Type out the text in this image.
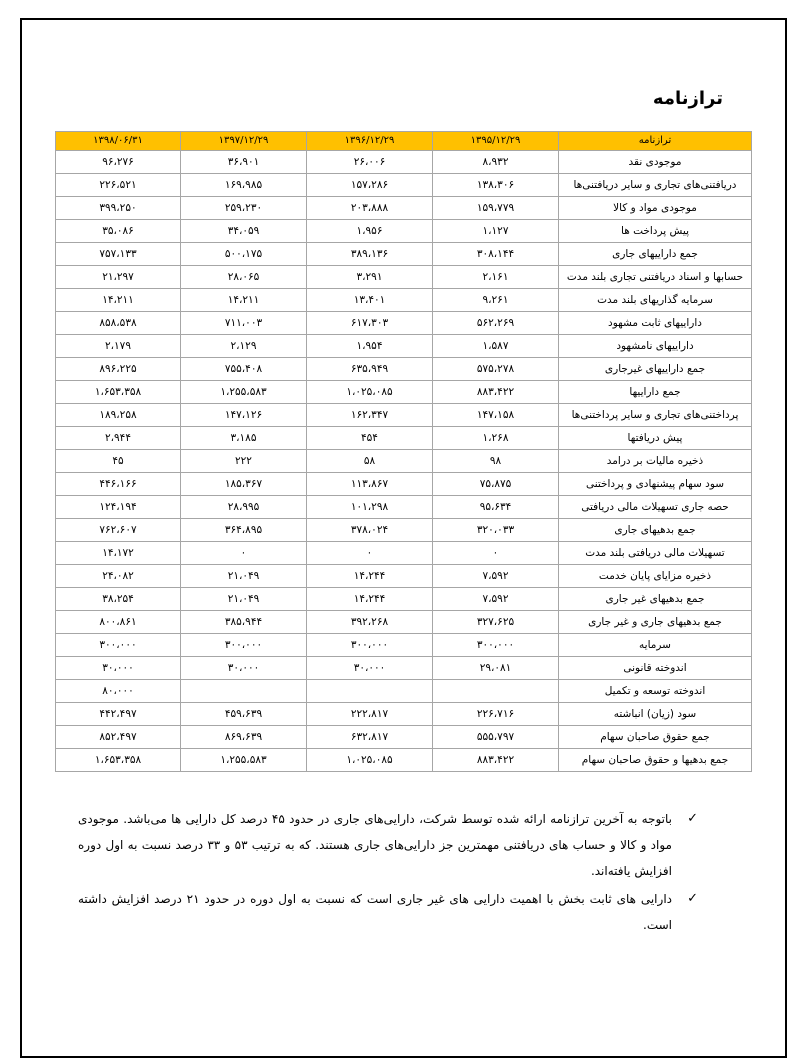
ترازنامه
ترازنامه	۱۳۹۵/۱۲/۲۹	۱۳۹۶/۱۲/۲۹	۱۳۹۷/۱۲/۲۹	۱۳۹۸/۰۶/۳۱
موجودی نقد	۸،۹۳۲	۲۶،۰۰۶	۳۶،۹۰۱	۹۶،۲۷۶
دریافتنی‌های تجاری و سایر دریافتنی‌ها	۱۳۸،۳۰۶	۱۵۷،۲۸۶	۱۶۹،۹۸۵	۲۲۶،۵۲۱
موجودی مواد و کالا	۱۵۹،۷۷۹	۲۰۳،۸۸۸	۲۵۹،۲۳۰	۳۹۹،۲۵۰
پیش پرداخت ها	۱،۱۲۷	۱،۹۵۶	۳۴،۰۵۹	۳۵،۰۸۶
جمع داراییهای جاری	۳۰۸،۱۴۴	۳۸۹،۱۳۶	۵۰۰،۱۷۵	۷۵۷،۱۳۳
حسابها و اسناد دریافتنی تجاری بلند مدت	۲،۱۶۱	۳،۲۹۱	۲۸،۰۶۵	۲۱،۲۹۷
سرمایه گذاریهای بلند مدت	۹،۲۶۱	۱۳،۴۰۱	۱۴،۲۱۱	۱۴،۲۱۱
داراییهای ثابت مشهود	۵۶۲،۲۶۹	۶۱۷،۳۰۳	۷۱۱،۰۰۳	۸۵۸،۵۳۸
داراییهای نامشهود	۱،۵۸۷	۱،۹۵۴	۲،۱۲۹	۲،۱۷۹
جمع داراییهای غیرجاری	۵۷۵،۲۷۸	۶۳۵،۹۴۹	۷۵۵،۴۰۸	۸۹۶،۲۲۵
جمع داراییها	۸۸۳،۴۲۲	۱،۰۲۵،۰۸۵	۱،۲۵۵،۵۸۳	۱،۶۵۳،۳۵۸
پرداختنی‌های تجاری و سایر پرداختنی‌ها	۱۴۷،۱۵۸	۱۶۲،۳۴۷	۱۴۷،۱۲۶	۱۸۹،۲۵۸
پیش دریافتها	۱،۲۶۸	۴۵۴	۳،۱۸۵	۲،۹۴۴
ذخیره مالیات بر درامد	۹۸	۵۸	۲۲۲	۴۵
سود سهام پیشنهادی و پرداختنی	۷۵،۸۷۵	۱۱۳،۸۶۷	۱۸۵،۳۶۷	۴۴۶،۱۶۶
حصه جاری تسهیلات مالی دریافتی	۹۵،۶۳۴	۱۰۱،۲۹۸	۲۸،۹۹۵	۱۲۴،۱۹۴
جمع بدهیهای جاری	۳۲۰،۰۳۳	۳۷۸،۰۲۴	۳۶۴،۸۹۵	۷۶۲،۶۰۷
تسهیلات مالی دریافتی بلند مدت	۰	۰	۰	۱۴،۱۷۲
ذخیره مزایای پایان خدمت	۷،۵۹۲	۱۴،۲۴۴	۲۱،۰۴۹	۲۴،۰۸۲
جمع بدهیهای غیر جاری	۷،۵۹۲	۱۴،۲۴۴	۲۱،۰۴۹	۳۸،۲۵۴
جمع بدهیهای جاری و غیر جاری	۳۲۷،۶۲۵	۳۹۲،۲۶۸	۳۸۵،۹۴۴	۸۰۰،۸۶۱
سرمایه	۳۰۰،۰۰۰	۳۰۰،۰۰۰	۳۰۰،۰۰۰	۳۰۰،۰۰۰
اندوخته قانونی	۲۹،۰۸۱	۳۰،۰۰۰	۳۰،۰۰۰	۳۰،۰۰۰
اندوخته توسعه و تکمیل				۸۰،۰۰۰
سود (زیان) انباشته	۲۲۶،۷۱۶	۲۲۲،۸۱۷	۴۵۹،۶۳۹	۴۴۲،۴۹۷
جمع حقوق صاحبان سهام	۵۵۵،۷۹۷	۶۳۲،۸۱۷	۸۶۹،۶۳۹	۸۵۲،۴۹۷
جمع بدهیها و حقوق صاحبان سهام	۸۸۳،۴۲۲	۱،۰۲۵،۰۸۵	۱،۲۵۵،۵۸۳	۱،۶۵۳،۳۵۸
✓
باتوجه به آخرین ترازنامه ارائه شده توسط شرکت، دارایی‌های جاری در حدود ۴۵ درصد کل دارایی ها می‌باشد. موجودی مواد و کالا و حساب های دریافتنی مهمترین جز دارایی‌های جاری هستند. که به ترتیب ۵۳ و ۳۳ درصد نسبت به اول دوره افزایش یافته‌اند.
✓
دارایی های ثابت بخش با اهمیت دارایی های غیر جاری است که نسبت به اول دوره در حدود ۲۱ درصد افزایش داشته است.
